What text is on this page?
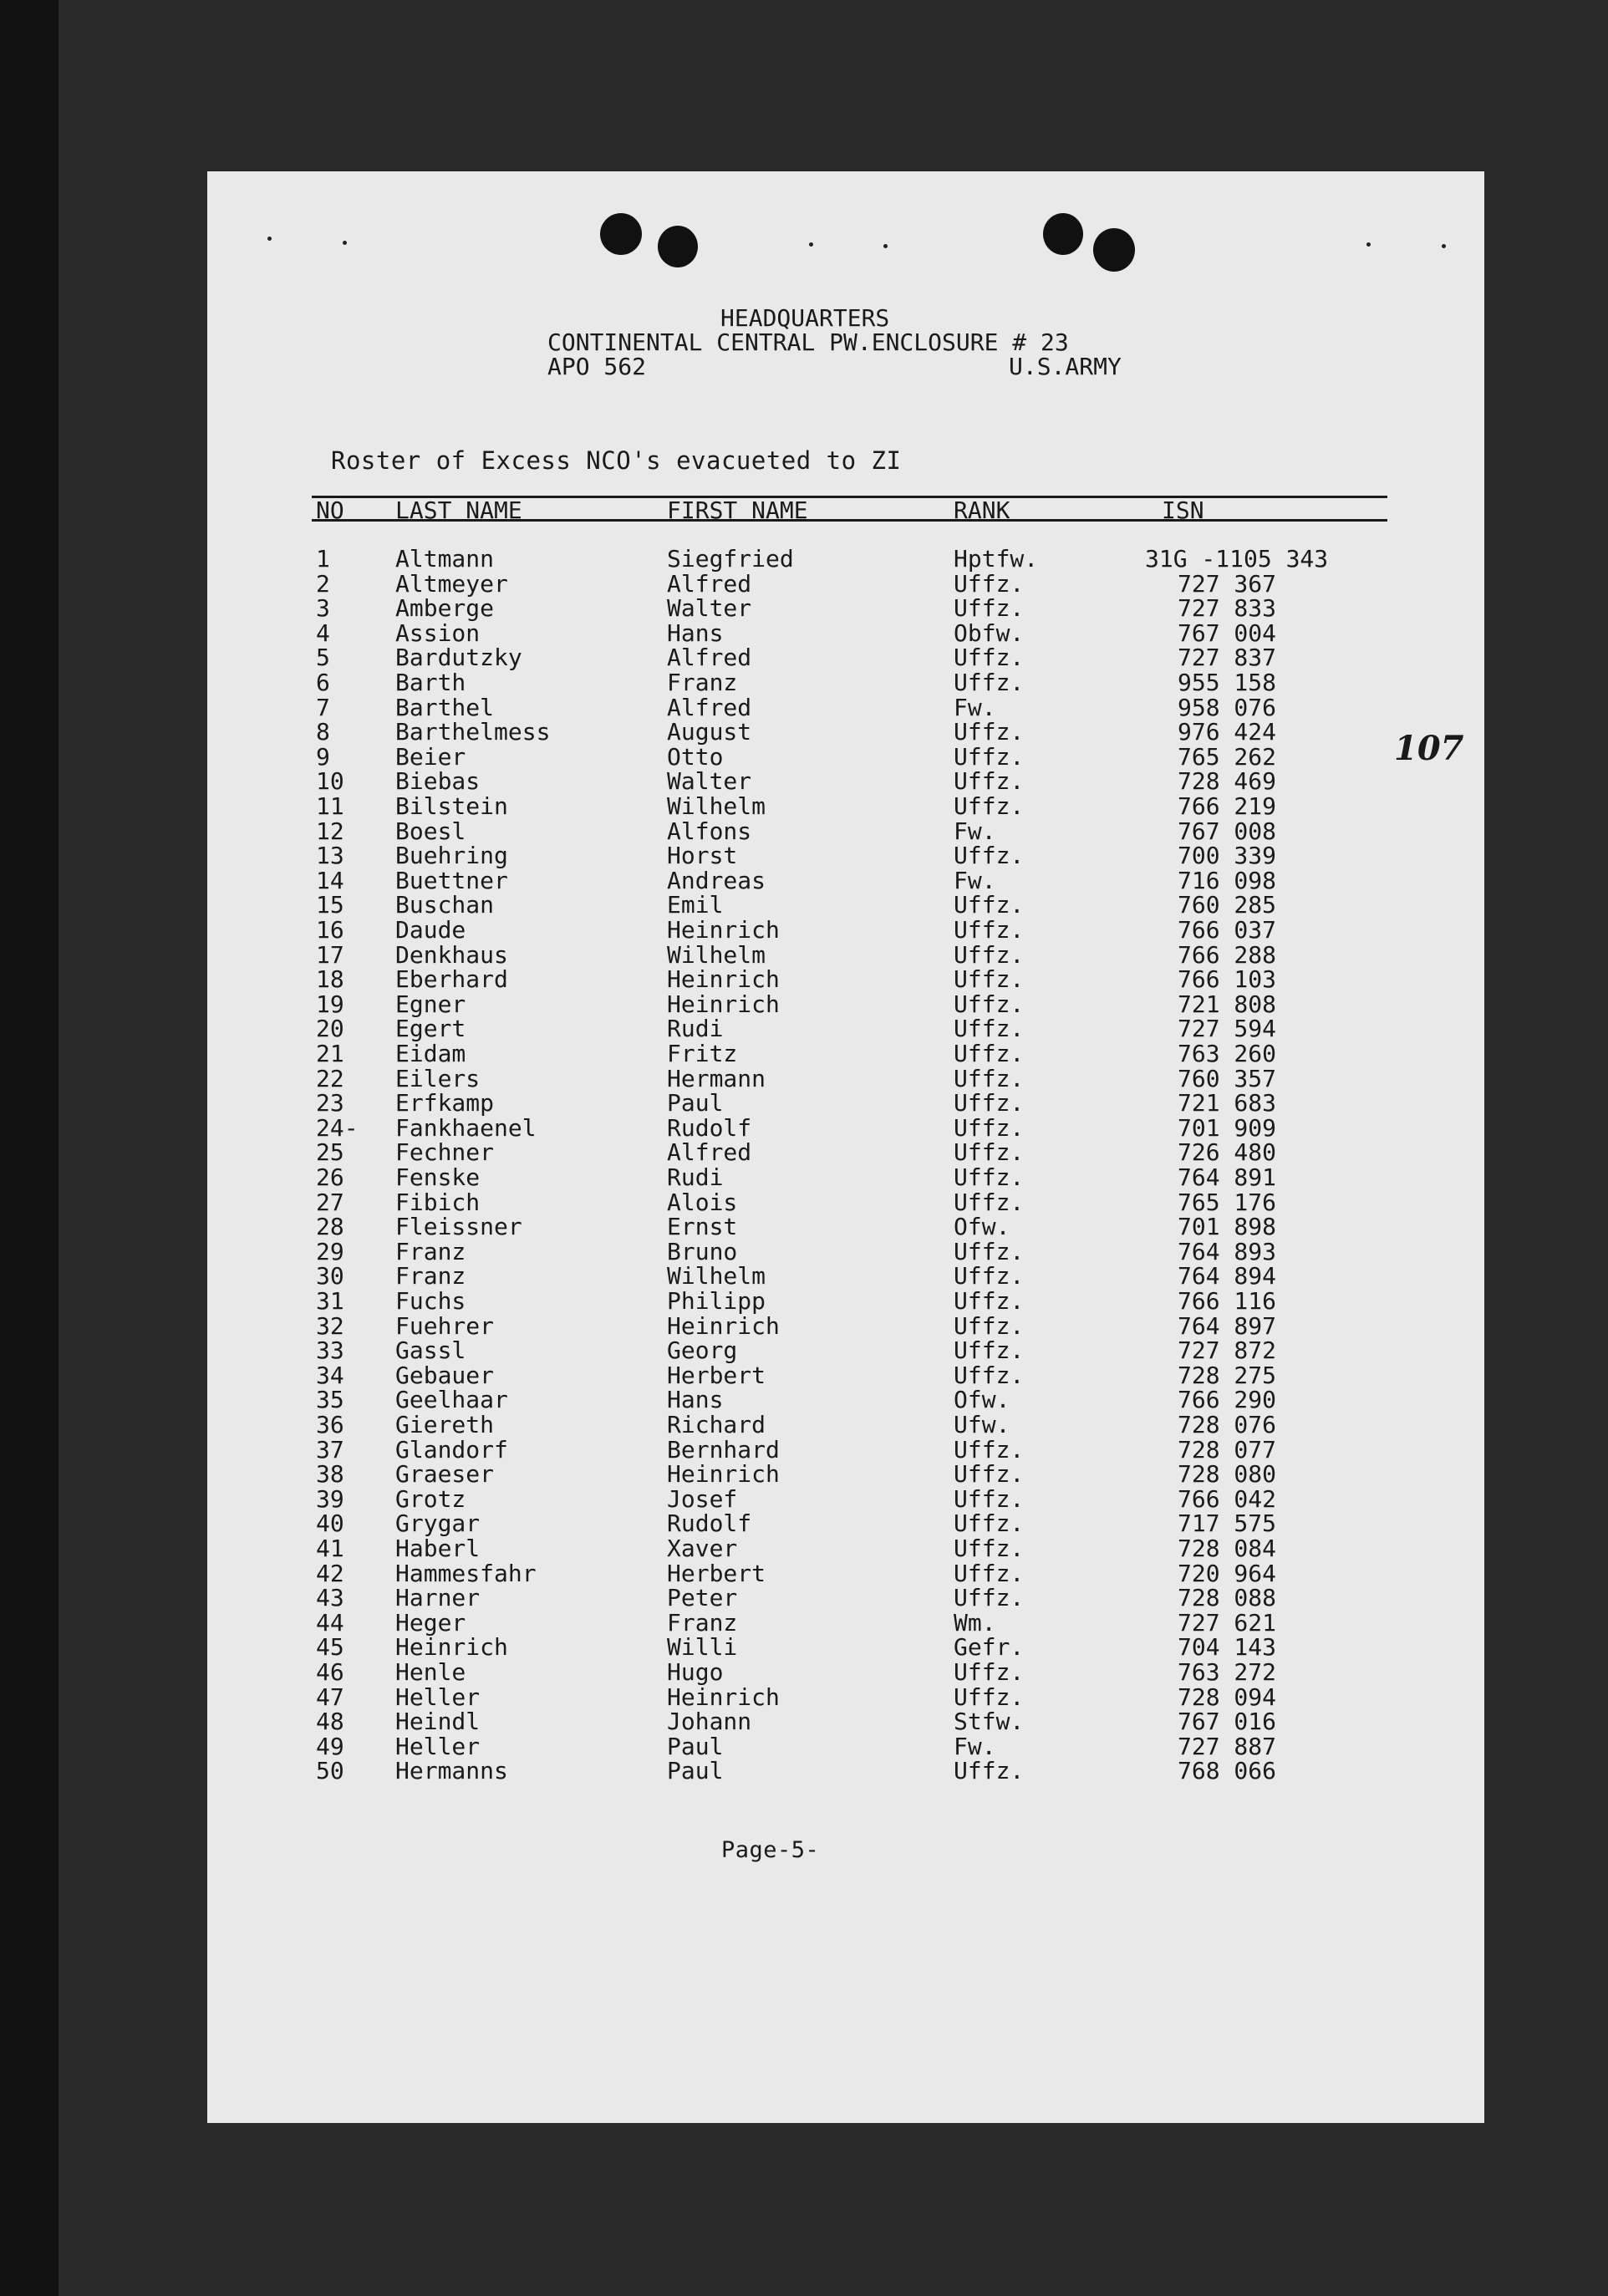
HEADQUARTERS
CONTINENTAL CENTRAL PW.ENCLOSURE # 23
APO 562	U.S.ARMY
Roster of Excess NCO's evacueted to ZI
NO LAST NAME	FIRST NAME	RANK	ISN
1	Altmann	Siegfried	Hptfw.	31G -1105 343
2	Altmeyer	Alfred	Uffz.	727 367
3	Amberge	Walter	Uffz.	727 833
4	Assion	Hans	Obfw.	767 004
5	Bardutzky	Alfred	Uffz.	727 837
6	Barth	Franz	Uffz.	955 158
7	Barthel	Alfred	Fw.	958 076
8	Barthelmess	August	Uffz.	976 424
9	Beier	Otto	Uffz.	765 262
10 Biebas	Walter	Uffz.	728 469
11 Bilstein	Wilhelm	Uffz.	766 219
12 Boesl	Alfons	Fw.	767 008
13 Buehring	Horst	Uffz.	700 339
14 Buettner	Andreas	Fw.	716 098
15 Buschan	Emil	Uffz.	760 285
16 Daude	Heinrich	Uffz.	766 037
17 Denkhaus	Wilhelm	Uffz.	766 288
18 Eberhard	Heinrich	Uffz.	766 103
19 Egner	Heinrich	Uffz.	721 808
20 Egert	Rudi	Uffz.	727 594
21 Eidam	Fritz	Uffz.	763 260
22 Eilers	Hermann	Uffz.	760 357
23 Erfkamp	Paul	Uffz.	721 683
24- Fankhaenel	Rudolf	Uffz.	701 909
25 Fechner	Alfred	Uffz.	726 480
26 Fenske	Rudi	Uffz.	764 891
27 Fibich	Alois	Uffz.	765 176
28 Fleissner	Ernst	Ofw.	701 898
29 Franz	Bruno	Uffz.	764 893
30 Franz	Wilhelm	Uffz.	764 894
31 Fuchs	Philipp	Uffz.	766 116
32 Fuehrer	Heinrich	Uffz.	764 897
33 Gassl	Georg	Uffz.	727 872
34 Gebauer	Herbert	Uffz.	728 275
35 Geelhaar	Hans	Ofw.	766 290
36 Giereth	Richard	Ufw.	728 076
37 Glandorf	Bernhard	Uffz.	728 077
38 Graeser	Heinrich	Uffz.	728 080
39 Grotz	Josef	Uffz.	766 042
40 Grygar	Rudolf	Uffz.	717 575
41 Haberl	Xaver	Uffz.	728 084
42 Hammesfahr	Herbert	Uffz.	720 964
43 Harner	Peter	Uffz.	728 088
44 Heger	Franz	Wm.	727 621
45 Heinrich	Willi	Gefr.	704 143
46 Henle	Hugo	Uffz.	763 272
47 Heller	Heinrich	Uffz.	728 094
48 Heindl	Johann	Stfw.	767 016
49 Heller	Paul	Fw.	727 887
50 Hermanns	Paul	Uffz.	768 066
Page-5-
107
